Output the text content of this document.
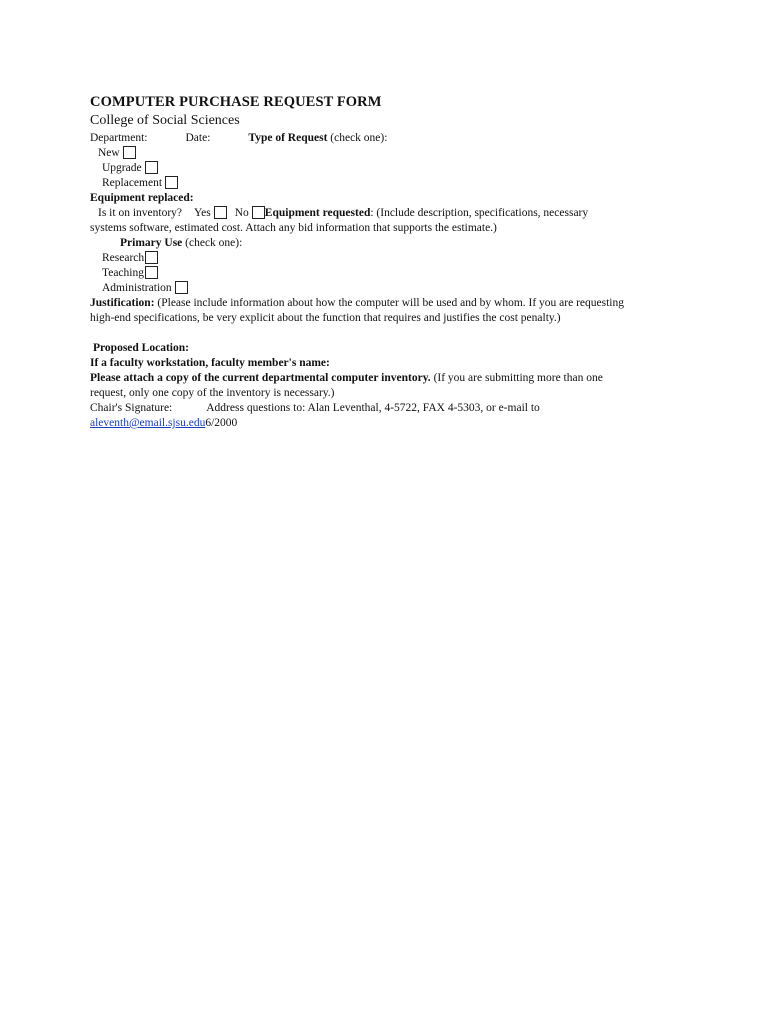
COMPUTER PURCHASE REQUEST FORM
College of Social Sciences
Department:	Date:	Type of Request (check one):
New
Upgrade
Replacement
Equipment replaced:
Is it on inventory? Yes No Equipment requested: (Include description, specifications, necessary
systems software, estimated cost. Attach any bid information that supports the estimate.)
Primary Use (check one):
Research
Teaching
Administration
Justification: (Please include information about how the computer will be used and by whom. If you are requesting
high-end specifications, be very explicit about the function that requires and justifies the cost penalty.)
Proposed Location:
If a faculty workstation, faculty member's name:
Please attach a copy of the current departmental computer inventory. (If you are submitting more than one
request, only one copy of the inventory is necessary.)
Chair's Signature:	Address questions to: Alan Leventhal, 4-5722, FAX 4-5303, or e-mail to
aleventh@email.sjsu.edu6/2000
